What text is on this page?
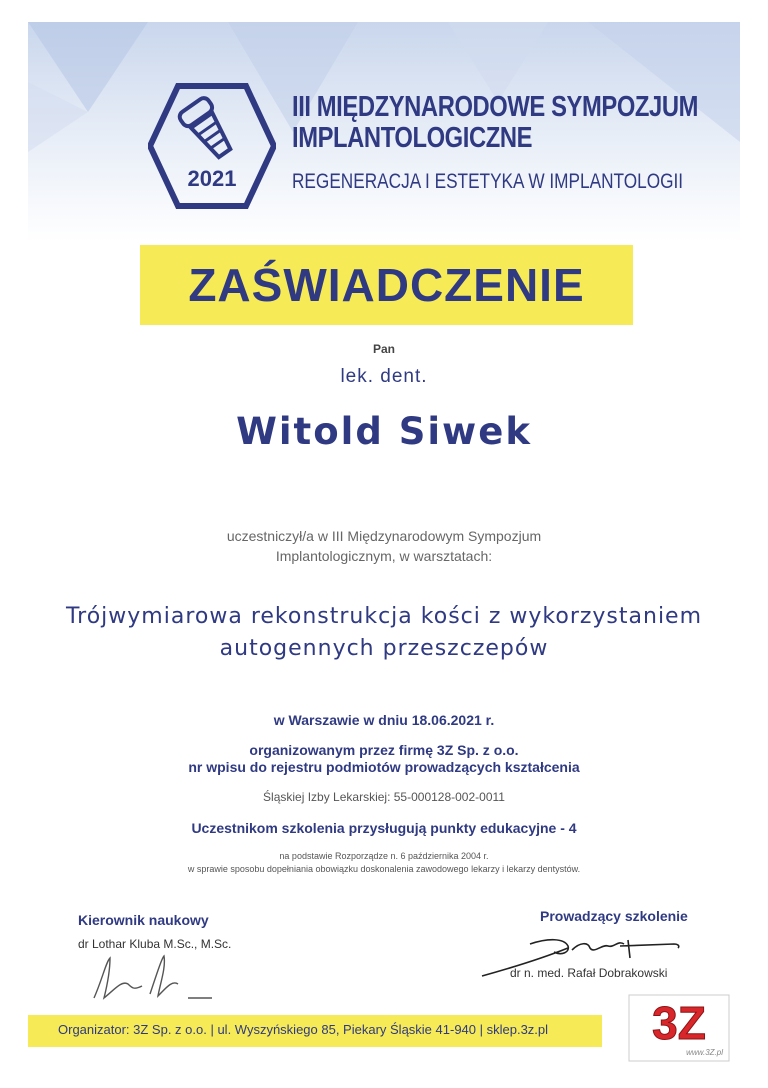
2021
III MIĘDZYNARODOWE SYMPOZJUM
IMPLANTOLOGICZNE
REGENERACJA I ESTETYKA W IMPLANTOLOGII
ZAŚWIADCZENIE
Pan
lek. dent.
Witold Siwek
uczestniczył/a w III Międzynarodowym Sympozjum
Implantologicznym, w warsztatach:
Trójwymiarowa rekonstrukcja kości z wykorzystaniem
autogennych przeszczepów
w Warszawie w dniu 18.06.2021 r.
organizowanym przez firmę 3Z Sp. z o.o.
nr wpisu do rejestru podmiotów prowadzących kształcenia
Śląskiej Izby Lekarskiej: 55-000128-002-0011
Uczestnikom szkolenia przysługują punkty edukacyjne - 4
na podstawie Rozporządze n. 6 października 2004 r.
w sprawie sposobu dopełniania obowiązku doskonalenia zawodowego lekarzy i lekarzy dentystów.
Kierownik naukowy
dr Lothar Kluba M.Sc., M.Sc.
Prowadzący szkolenie
dr n. med. Rafał Dobrakowski
Organizator: 3Z Sp. z o.o. | ul. Wyszyńskiego 85, Piekary Śląskie 41-940 | sklep.3z.pl 3Z
www.3Z.pl
